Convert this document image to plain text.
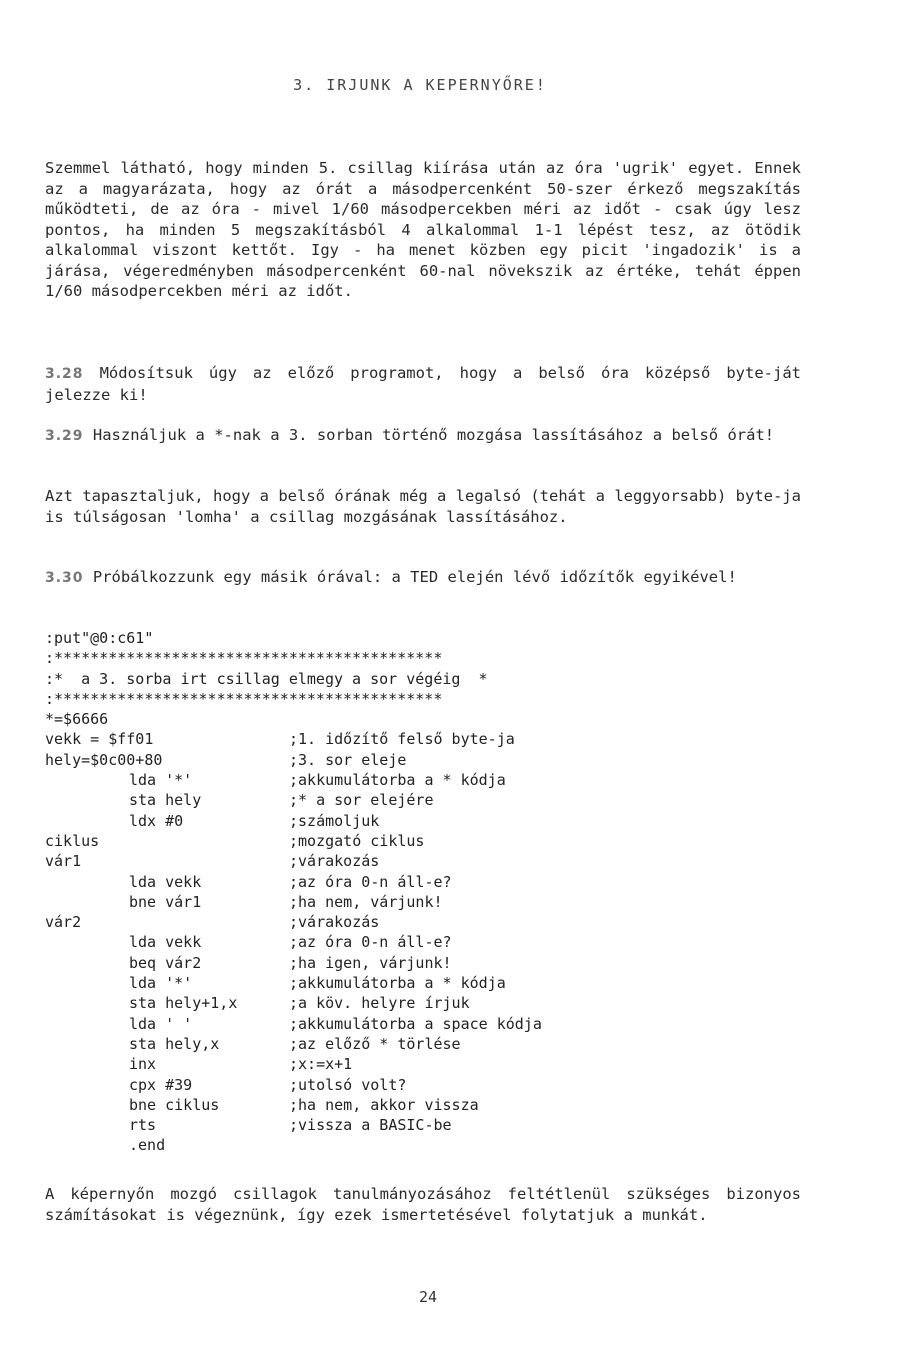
3. IRJUNK A KEPERNYŐRE!

Szemmel látható, hogy minden 5. csillag kiírása után az óra 'ugrik' egyet. Ennek az a magyarázata, hogy az órát a másodpercenként 50-szer érkező megszakítás működteti, de az óra - mivel 1/60 másodpercekben méri az időt - csak úgy lesz pontos, ha minden 5 megszakításból 4 alkalommal 1-1 lépést tesz, az ötödik alkalommal viszont kettőt. Igy - ha menet közben egy picit 'ingadozik' is a járása, végeredményben másodpercenként 60-nal növekszik az értéke, tehát éppen 1/60 másodpercekben méri az időt.

3.28 Módosítsuk úgy az előző programot, hogy a belső óra középső byte-ját jelezze ki!

3.29 Használjuk a *-nak a 3. sorban történő mozgása lassításához a belső órát!

Azt tapasztaljuk, hogy a belső órának még a legalsó (tehát a leggyorsabb) byte-ja is túlságosan 'lomha' a csillag mozgásának lassításához.

3.30 Próbálkozzunk egy másik órával: a TED elején lévő időzítők egyikével!

:put"@0:c61"
:*******************************************
:*  a 3. sorba irt csillag elmegy a sor végéig  *
:*******************************************
*=$6666
vekk = $ff01	;1. időzítő felső byte-ja
hely=$0c00+80	;3. sor eleje
lda '*'	;akkumulátorba a * kódja
sta hely	;* a sor elejére
ldx #0	;számoljuk
ciklus	;mozgató ciklus
vár1	;várakozás
lda vekk	;az óra 0-n áll-e?
bne vár1	;ha nem, várjunk!
vár2	;várakozás
lda vekk	;az óra 0-n áll-e?
beq vár2	;ha igen, várjunk!
lda '*'	;akkumulátorba a * kódja
sta hely+1,x	;a köv. helyre írjuk
lda ' '	;akkumulátorba a space kódja
sta hely,x	;az előző * törlése
inx	;x:=x+1
cpx #39	;utolsó volt?
bne ciklus	;ha nem, akkor vissza
rts	;vissza a BASIC-be
.end

A képernyőn mozgó csillagok tanulmányozásához feltétlenül szükséges bizonyos számításokat is végeznünk, így ezek ismertetésével folytatjuk a munkát.

24
